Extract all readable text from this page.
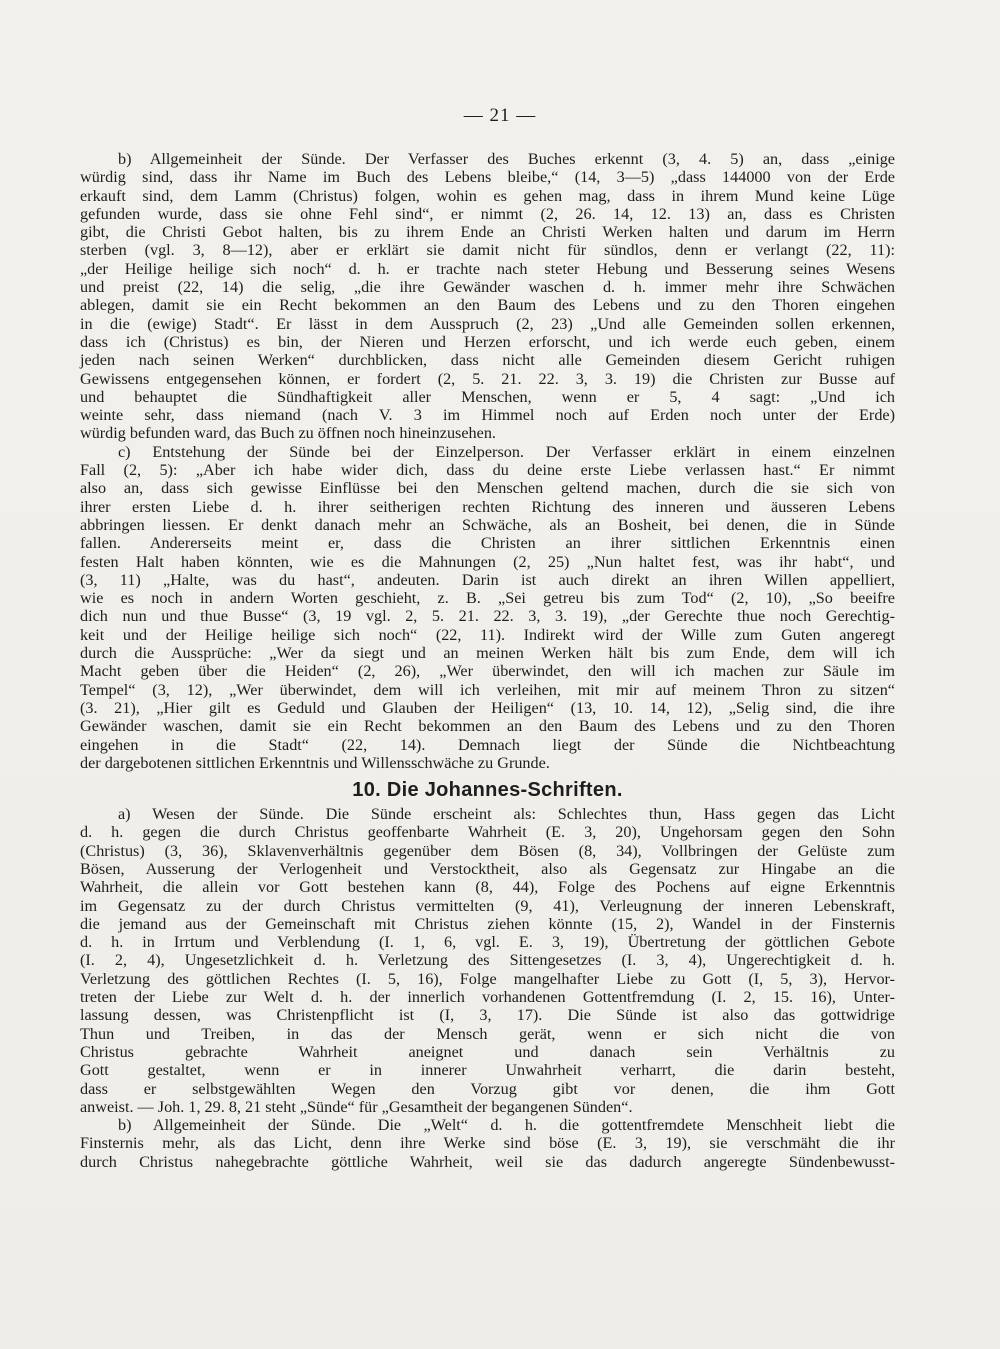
— 21 —

b) Allgemeinheit der Sünde. Der Verfasser des Buches erkennt (3, 4. 5) an, dass „einige

würdig sind, dass ihr Name im Buch des Lebens bleibe,“ (14, 3—5) „dass 144000 von der Erde

erkauft sind, dem Lamm (Christus) folgen, wohin es gehen mag, dass in ihrem Mund keine Lüge

gefunden wurde, dass sie ohne Fehl sind“, er nimmt (2, 26. 14, 12. 13) an, dass es Christen

gibt, die Christi Gebot halten, bis zu ihrem Ende an Christi Werken halten und darum im Herrn

sterben (vgl. 3, 8—12), aber er erklärt sie damit nicht für sündlos, denn er verlangt (22, 11):

„der Heilige heilige sich noch“ d. h. er trachte nach steter Hebung und Besserung seines Wesens

und preist (22, 14) die selig, „die ihre Gewänder waschen d. h. immer mehr ihre Schwächen

ablegen, damit sie ein Recht bekommen an den Baum des Lebens und zu den Thoren eingehen

in die (ewige) Stadt“. Er lässt in dem Ausspruch (2, 23) „Und alle Gemeinden sollen erkennen,

dass ich (Christus) es bin, der Nieren und Herzen erforscht, und ich werde euch geben, einem

jeden nach seinen Werken“ durchblicken, dass nicht alle Gemeinden diesem Gericht ruhigen

Gewissens entgegensehen können, er fordert (2, 5. 21. 22. 3, 3. 19) die Christen zur Busse auf

und behauptet die Sündhaftigkeit aller Menschen, wenn er 5, 4 sagt: „Und ich

weinte sehr, dass niemand (nach V. 3 im Himmel noch auf Erden noch unter der Erde)

würdig befunden ward, das Buch zu öffnen noch hineinzusehen.

c) Entstehung der Sünde bei der Einzelperson. Der Verfasser erklärt in einem einzelnen

Fall (2, 5): „Aber ich habe wider dich, dass du deine erste Liebe verlassen hast.“ Er nimmt

also an, dass sich gewisse Einflüsse bei den Menschen geltend machen, durch die sie sich von

ihrer ersten Liebe d. h. ihrer seitherigen rechten Richtung des inneren und äusseren Lebens

abbringen liessen. Er denkt danach mehr an Schwäche, als an Bosheit, bei denen, die in Sünde

fallen. Andererseits meint er, dass die Christen an ihrer sittlichen Erkenntnis einen

festen Halt haben könnten, wie es die Mahnungen (2, 25) „Nun haltet fest, was ihr habt“, und

(3, 11) „Halte, was du hast“, andeuten. Darin ist auch direkt an ihren Willen appelliert,

wie es noch in andern Worten geschieht, z. B. „Sei getreu bis zum Tod“ (2, 10), „So beeifre

dich nun und thue Busse“ (3, 19 vgl. 2, 5. 21. 22. 3, 3. 19), „der Gerechte thue noch Gerechtig-

keit und der Heilige heilige sich noch“ (22, 11). Indirekt wird der Wille zum Guten angeregt

durch die Aussprüche: „Wer da siegt und an meinen Werken hält bis zum Ende, dem will ich

Macht geben über die Heiden“ (2, 26), „Wer überwindet, den will ich machen zur Säule im

Tempel“ (3, 12), „Wer überwindet, dem will ich verleihen, mit mir auf meinem Thron zu sitzen“

(3. 21), „Hier gilt es Geduld und Glauben der Heiligen“ (13, 10. 14, 12), „Selig sind, die ihre

Gewänder waschen, damit sie ein Recht bekommen an den Baum des Lebens und zu den Thoren

eingehen in die Stadt“ (22, 14). Demnach liegt der Sünde die Nichtbeachtung

der dargebotenen sittlichen Erkenntnis und Willensschwäche zu Grunde.

10. Die Johannes-Schriften.

a) Wesen der Sünde. Die Sünde erscheint als: Schlechtes thun, Hass gegen das Licht

d. h. gegen die durch Christus geoffenbarte Wahrheit (E. 3, 20), Ungehorsam gegen den Sohn

(Christus) (3, 36), Sklavenverhältnis gegenüber dem Bösen (8, 34), Vollbringen der Gelüste zum

Bösen, Ausserung der Verlogenheit und Verstocktheit, also als Gegensatz zur Hingabe an die

Wahrheit, die allein vor Gott bestehen kann (8, 44), Folge des Pochens auf eigne Erkenntnis

im Gegensatz zu der durch Christus vermittelten (9, 41), Verleugnung der inneren Lebenskraft,

die jemand aus der Gemeinschaft mit Christus ziehen könnte (15, 2), Wandel in der Finsternis

d. h. in Irrtum und Verblendung (I. 1, 6, vgl. E. 3, 19), Übertretung der göttlichen Gebote

(I. 2, 4), Ungesetzlichkeit d. h. Verletzung des Sittengesetzes (I. 3, 4), Ungerechtigkeit d. h.

Verletzung des göttlichen Rechtes (I. 5, 16), Folge mangelhafter Liebe zu Gott (I, 5, 3), Hervor-

treten der Liebe zur Welt d. h. der innerlich vorhandenen Gottentfremdung (I. 2, 15. 16), Unter-

lassung dessen, was Christenpflicht ist (I, 3, 17). Die Sünde ist also das gottwidrige

Thun und Treiben, in das der Mensch gerät, wenn er sich nicht die von

Christus gebrachte Wahrheit aneignet und danach sein Verhältnis zu

Gott gestaltet, wenn er in innerer Unwahrheit verharrt, die darin besteht,

dass er selbstgewählten Wegen den Vorzug gibt vor denen, die ihm Gott

anweist. — Joh. 1, 29. 8, 21 steht „Sünde“ für „Gesamtheit der begangenen Sünden“.

b) Allgemeinheit der Sünde. Die „Welt“ d. h. die gottentfremdete Menschheit liebt die

Finsternis mehr, als das Licht, denn ihre Werke sind böse (E. 3, 19), sie verschmäht die ihr

durch Christus nahegebrachte göttliche Wahrheit, weil sie das dadurch angeregte Sündenbewusst-
